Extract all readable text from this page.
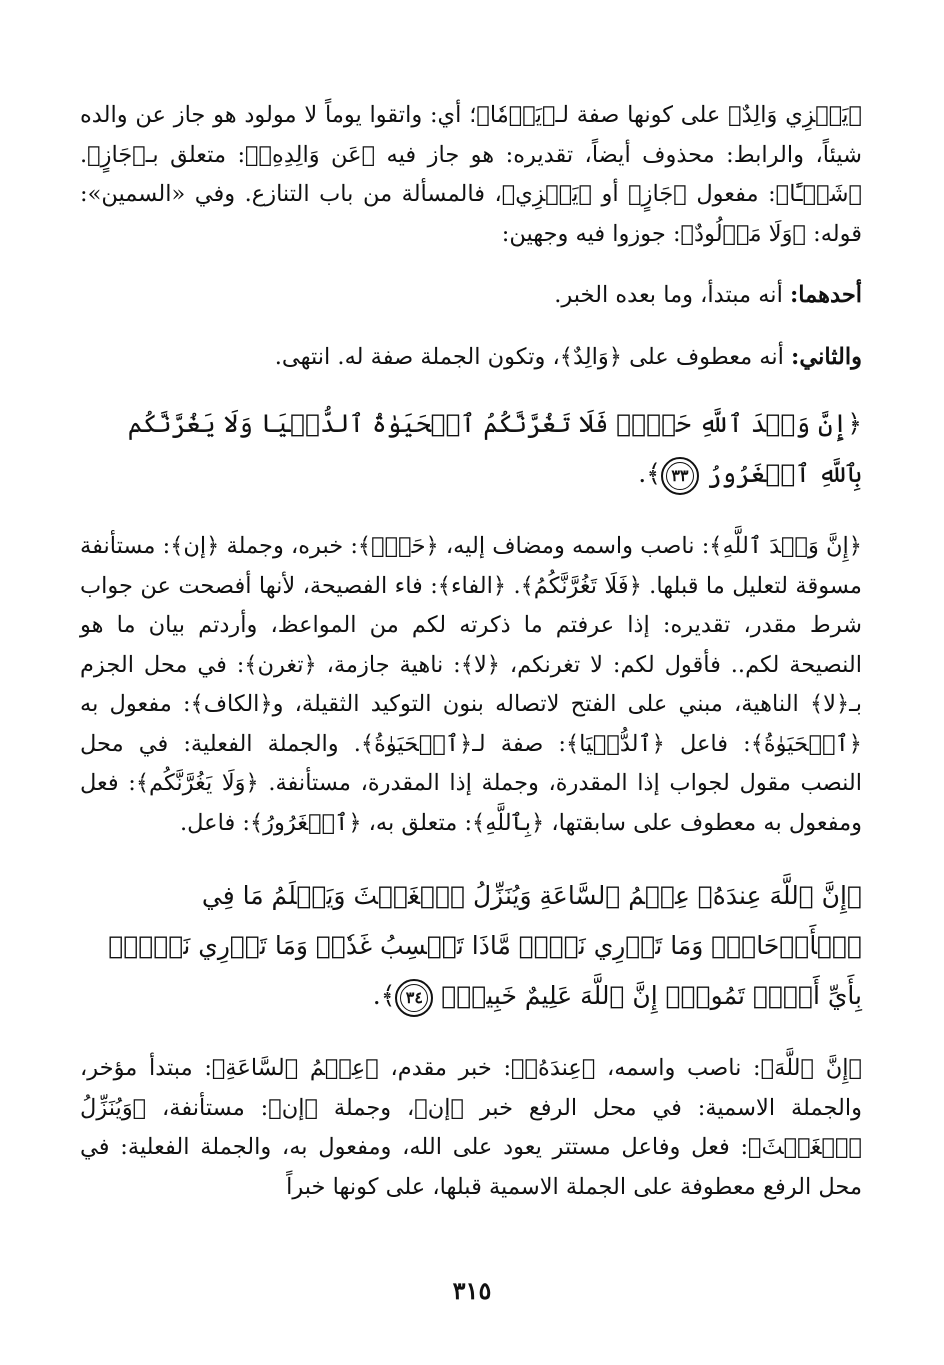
﴿يَجۡزِي وَالِدٌ﴾ على كونها صفة لـ﴿يَوۡمٗا﴾؛ أي: واتقوا يوماً لا مولود هو جاز عن والده شيئاً، والرابط: محذوف أيضاً، تقديره: هو جاز فيه ﴿عَن وَالِدِهِۦ﴾: متعلق بـ﴿جَازٍ﴾. ﴿شَيۡـًٔا﴾: مفعول ﴿جَازٍ﴾ أو ﴿يَجۡزِي﴾، فالمسألة من باب التنازع. وفي «السمين»: قوله: ﴿وَلَا مَوۡلُودٌ﴾: جوزوا فيه وجهين:

أحدهما: أنه مبتدأ، وما بعده الخبر.

والثاني: أنه معطوف على ﴿وَالِدٌ﴾، وتكون الجملة صفة له. انتهى.

﴿إِنَّ وَعۡدَ ٱللَّهِ حَقّٞۖ فَلَا تَغُرَّنَّكُمُ ٱلۡحَيَوٰةُ ٱلدُّنۡيَا وَلَا يَغُرَّنَّكُم بِٱللَّهِ ٱلۡغَرُورُ ٣٣﴾.

﴿إِنَّ وَعۡدَ ٱللَّهِ﴾: ناصب واسمه ومضاف إليه، ﴿حَقّٞ﴾: خبره، وجملة ﴿إن﴾: مستأنفة مسوقة لتعليل ما قبلها. ﴿فَلَا تَغُرَّنَّكُمُ﴾. ﴿الفاء﴾: فاء الفصيحة، لأنها أفصحت عن جواب شرط مقدر، تقديره: إذا عرفتم ما ذكرته لكم من المواعظ، وأردتم بيان ما هو النصيحة لكم.. فأقول لكم: لا تغرنكم، ﴿لا﴾: ناهية جازمة، ﴿تغرن﴾: في محل الجزم بـ﴿لا﴾ الناهية، مبني على الفتح لاتصاله بنون التوكيد الثقيلة، و﴿الكاف﴾: مفعول به ﴿ٱلۡحَيَوٰةُ﴾: فاعل ﴿ٱلدُّنۡيَا﴾: صفة لـ﴿ٱلۡحَيَوٰةُ﴾. والجملة الفعلية: في محل النصب مقول لجواب إذا المقدرة، وجملة إذا المقدرة، مستأنفة. ﴿وَلَا يَغُرَّنَّكُم﴾: فعل ومفعول به معطوف على سابقتها، ﴿بِٱللَّهِ﴾: متعلق به، ﴿ٱلۡغَرُورُ﴾: فاعل.

﴿إِنَّ ٱللَّهَ عِندَهُۥ عِلۡمُ ٱلسَّاعَةِ وَيُنَزِّلُ ٱلۡغَيۡثَ وَيَعۡلَمُ مَا فِي ٱلۡأَرۡحَامِۖ وَمَا تَدۡرِي نَفۡسٞ مَّاذَا تَكۡسِبُ غَدٗاۖ وَمَا تَدۡرِي نَفۡسُۢ بِأَيِّ أَرۡضٖ تَمُوتُۚ إِنَّ ٱللَّهَ عَلِيمٌ خَبِيرُۢ ٣٤﴾.

﴿إِنَّ ٱللَّهَ﴾: ناصب واسمه، ﴿عِندَهُۥ﴾: خبر مقدم، ﴿عِلۡمُ ٱلسَّاعَةِ﴾: مبتدأ مؤخر، والجملة الاسمية: في محل الرفع خبر ﴿إن﴾، وجملة ﴿إن﴾: مستأنفة، ﴿وَيُنَزِّلُ ٱلۡغَيۡثَ﴾: فعل وفاعل مستتر يعود على الله، ومفعول به، والجملة الفعلية: في محل الرفع معطوفة على الجملة الاسمية قبلها، على كونها خبراً

٣١٥
